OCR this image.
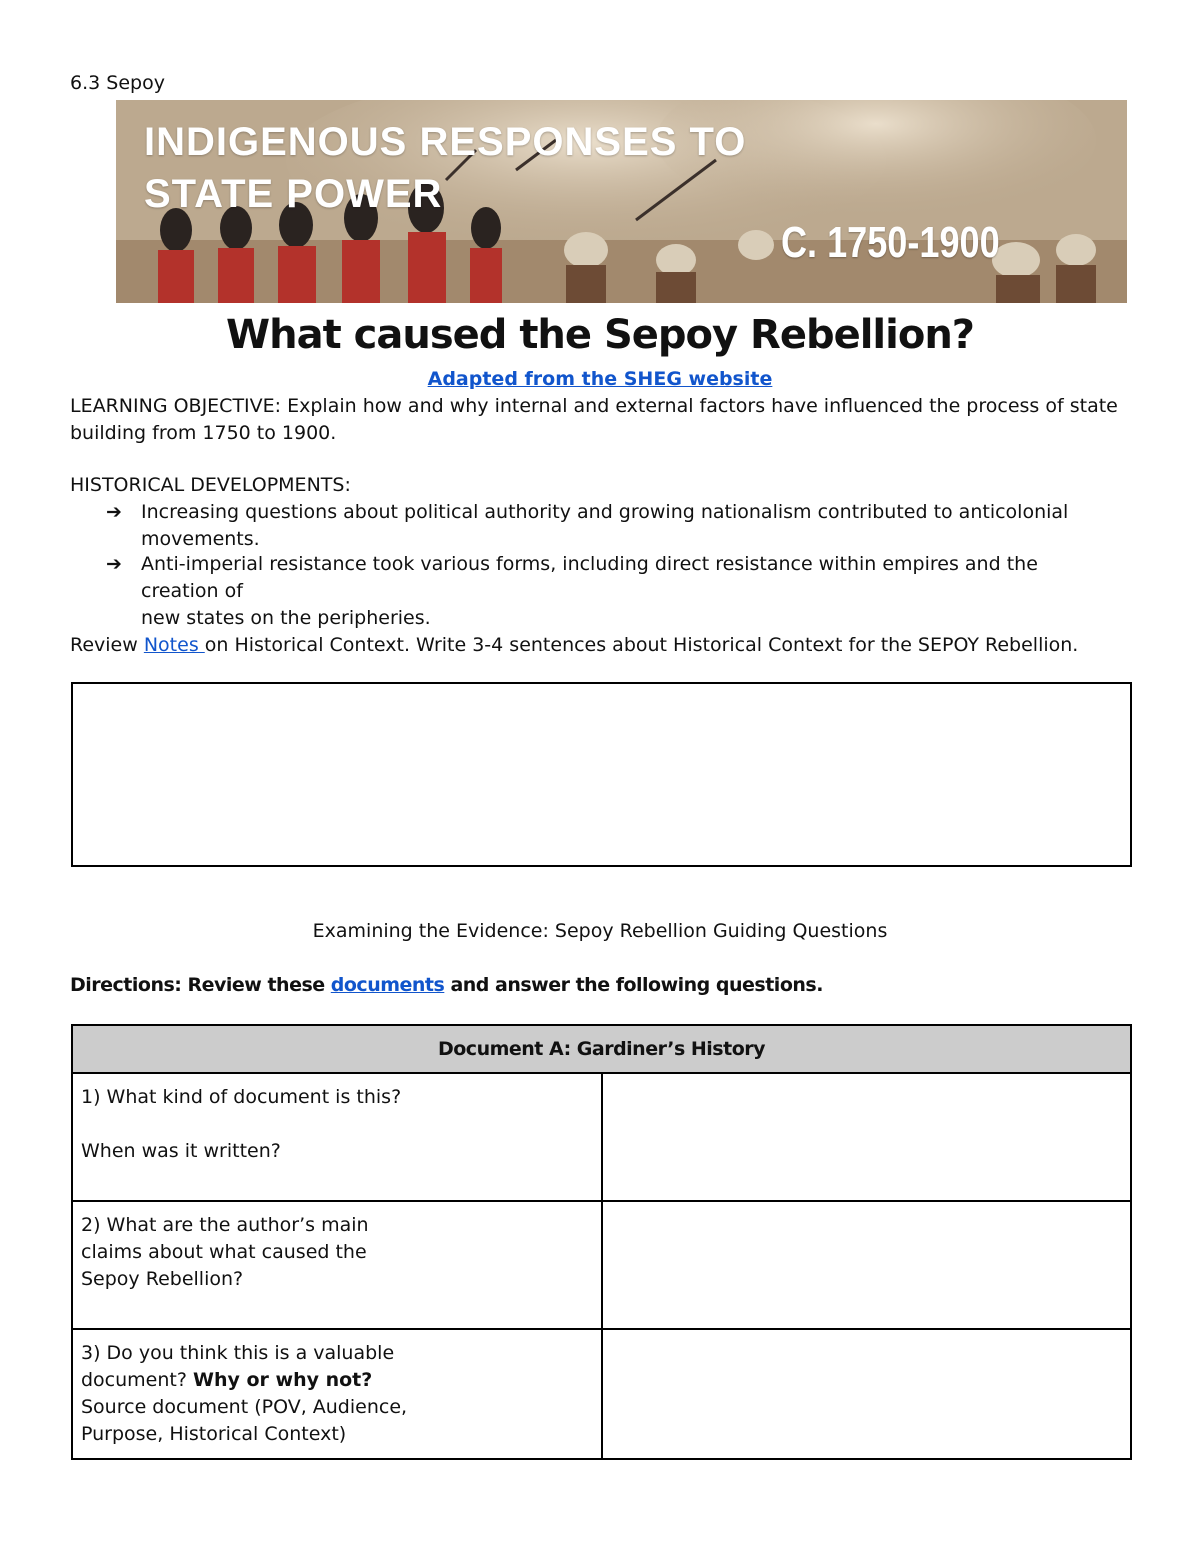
6.3 Sepoy
INDIGENOUS RESPONSES TO
STATE POWER
C. 1750-1900
What caused the Sepoy Rebellion?
Adapted from the SHEG website
LEARNING OBJECTIVE: Explain how and why internal and external factors have influenced the process of state
building from 1750 to 1900.
HISTORICAL DEVELOPMENTS:
➔ Increasing questions about political authority and growing nationalism contributed to anticolonial
movements.
➔ Anti-imperial resistance took various forms, including direct resistance within empires and the creation of
new states on the peripheries.
Review Notes on Historical Context. Write 3-4 sentences about Historical Context for the SEPOY Rebellion.
Examining the Evidence: Sepoy Rebellion Guiding Questions
Directions: Review these documents and answer the following questions.
Document A: Gardiner’s History	

1) What kind of document is this?
When was it written?	

2) What are the author’s main
claims about what caused the
Sepoy Rebellion?	

3) Do you think this is a valuable
document? Why or why not?
Source document (POV, Audience,
Purpose, Historical Context)	
